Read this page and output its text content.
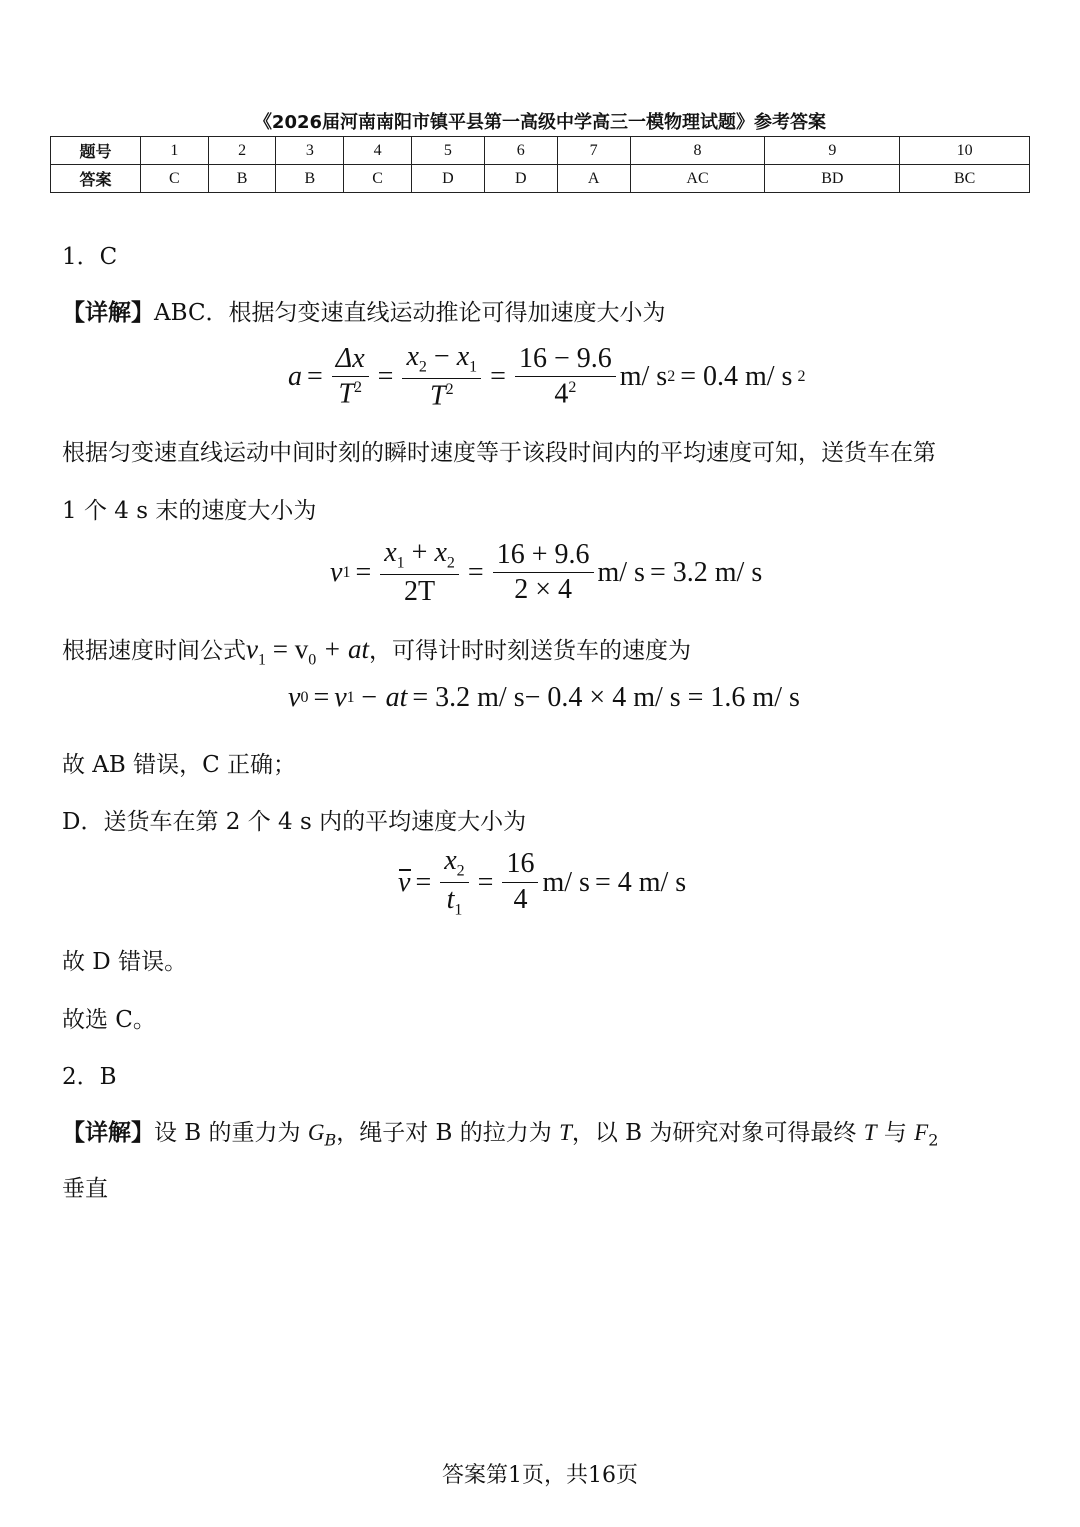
《2026届河南南阳市镇平县第一高级中学高三一模物理试题》参考答案
题号	1	2	3	4	5	6	7	8	9	10
答案	C	B	B	C	D	D	A	AC	BD	BC
1．C
【详解】ABC．根据匀变速直线运动推论可得加速度大小为
$a = \frac{\Delta x}{T^2} = \frac{x_2 - x_1}{T^2} = \frac{16 - 9.6}{4^2} m/$ s 2 = 0.4 m/ s 2
根据匀变速直线运动中间时刻的瞬时速度等于该段时间内的平均速度可知，送货车在第
1 个 4 s 末的速度大小为
v $1 = \frac{x_1 + x_2}{2T} = \frac{16 + 9.6}{2 \times 4} m/$ s = 3.2 m/ s
根据速度时间公式$v_1 = v_0$ + at，可得计时时刻送货车的速度为
v 0 = v 1 − at = 3.2 m/ s− 0.4 × 4 m/ s = 1.6 m/ s
故 AB 错误，C 正确；
D．送货车在第 2 个 4 s 内的平均速度大小为
$v = \frac{x_2}{t_1} = \frac{16}{4} m/$ s = 4 m/ s
故 D 错误。
故选 C。
2．B
【详解】设 B 的重力为 $G_B$，绳子对 B 的拉力为 T，以 B 为研究对象可得最终 T 与 $F_2$
垂直
答案第1页，共16页
